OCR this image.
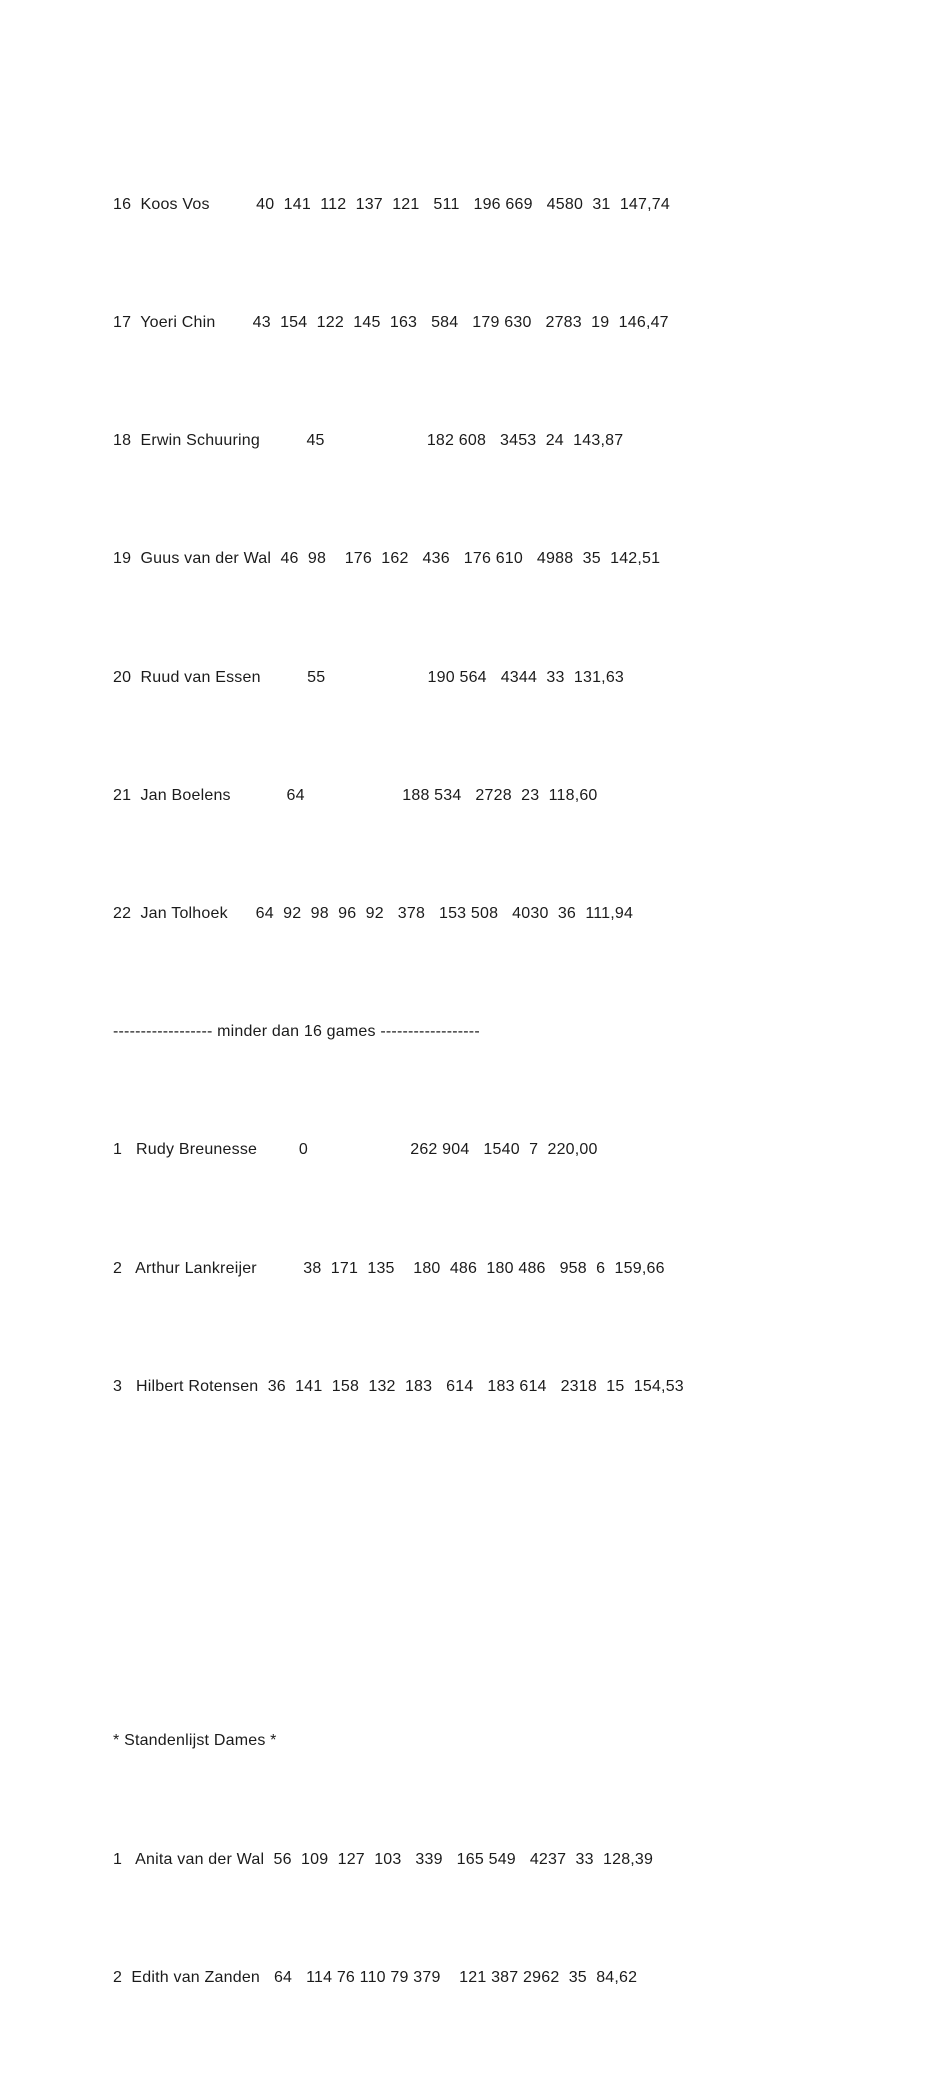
16  Koos Vos          40  141  112  137  121   511   196 669   4580  31  147,74

17  Yoeri Chin        43  154  122  145  163   584   179 630   2783  19  146,47

18  Erwin Schuuring          45                      182 608   3453  24  143,87

19  Guus van der Wal  46  98    176  162   436   176 610   4988  35  142,51

20  Ruud van Essen          55                      190 564   4344  33  131,63

21  Jan Boelens            64                     188 534   2728  23  118,60

22  Jan Tolhoek      64  92  98  96  92   378   153 508   4030  36  111,94

------------------ minder dan 16 games ------------------

1   Rudy Breunesse         0                      262 904   1540  7  220,00

2   Arthur Lankreijer          38  171  135    180  486  180 486   958  6  159,66

3   Hilbert Rotensen  36  141  158  132  183   614   183 614   2318  15  154,53

* Standenlijst Dames *

1   Anita van der Wal  56  109  127  103   339   165 549   4237  33  128,39

2  Edith van Zanden   64   114 76 110 79 379    121 387 2962  35  84,62
